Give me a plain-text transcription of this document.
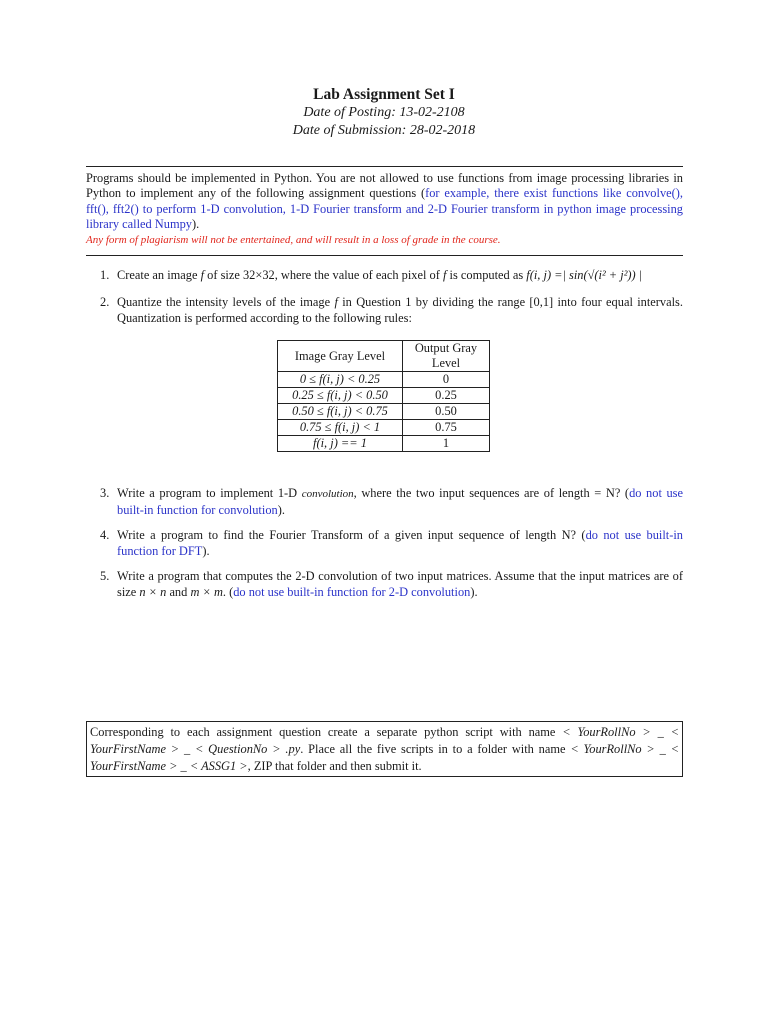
Lab Assignment Set I
Date of Posting: 13-02-2108
Date of Submission: 28-02-2018
Programs should be implemented in Python. You are not allowed to use functions from image processing libraries in Python to implement any of the following assignment questions (for example, there exist functions like convolve(), fft(), fft2() to perform 1-D convolution, 1-D Fourier transform and 2-D Fourier transform in python image processing library called Numpy).
Any form of plagiarism will not be entertained, and will result in a loss of grade in the course.
1. Create an image f of size 32×32, where the value of each pixel of f is computed as f(i, j) =| sin(√(i² + j²)) |
2. Quantize the intensity levels of the image f in Question 1 by dividing the range [0,1] into four equal intervals. Quantization is performed according to the following rules:
Image Gray Level	Output Gray Level
0 ≤ f(i, j) < 0.25	0
0.25 ≤ f(i, j) < 0.50	0.25
0.50 ≤ f(i, j) < 0.75	0.50
0.75 ≤ f(i, j) < 1	0.75
f(i, j) == 1	1
3. Write a program to implement 1-D convolution, where the two input sequences are of length = N? (do not use built-in function for convolution).
4. Write a program to find the Fourier Transform of a given input sequence of length N? (do not use built-in function for DFT).
5. Write a program that computes the 2-D convolution of two input matrices. Assume that the input matrices are of size n × n and m × m. (do not use built-in function for 2-D convolution).
Corresponding to each assignment question create a separate python script with name < YourRollNo > _ < YourFirstName > _ < QuestionNo > .py. Place all the five scripts in to a folder with name < YourRollNo > _ < YourFirstName > _ < ASSG1 >, ZIP that folder and then submit it.
